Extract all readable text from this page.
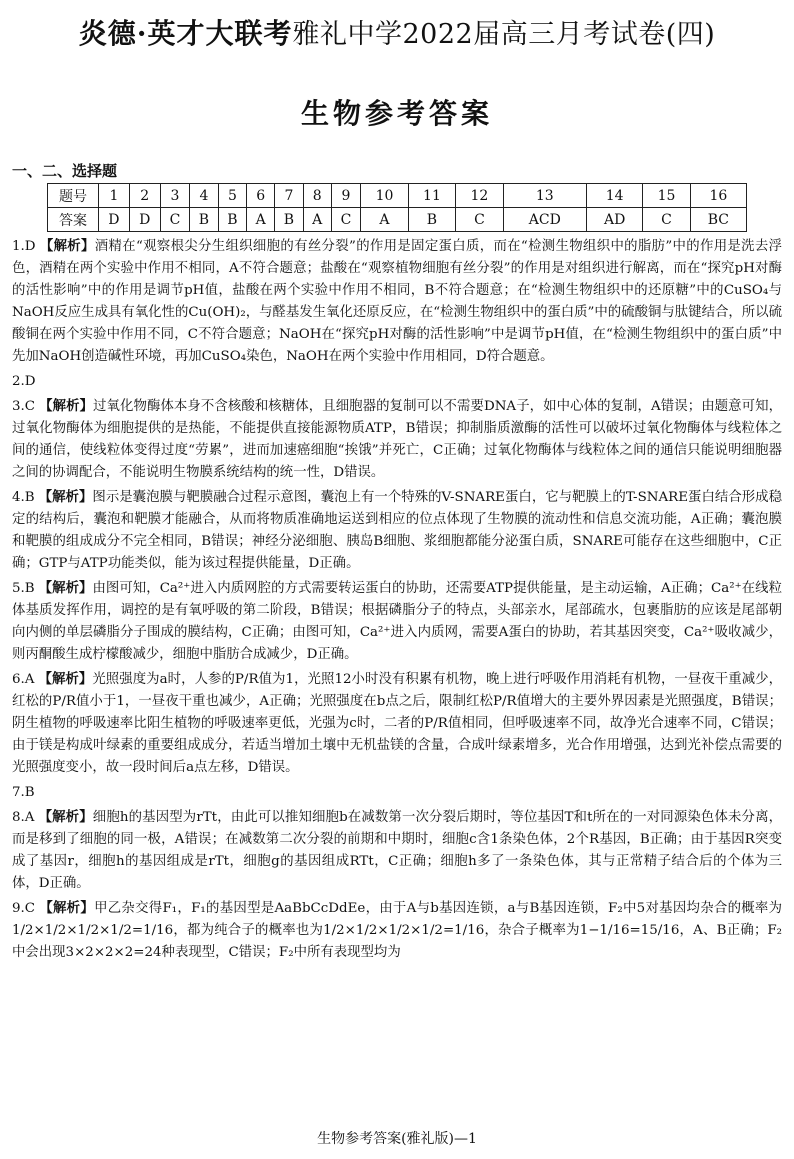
炎德·英才大联考雅礼中学2022届高三月考试卷(四)
生物参考答案
一、二、选择题
题号	1	2	3	4	5	6	7	8	9	10	11	12	13	14	15	16
答案	D	D	C	B	B	A	B	A	C	A	B	C	ACD	AD	C	BC
1.D 【解析】酒精在“观察根尖分生组织细胞的有丝分裂”的作用是固定蛋白质，而在“检测生物组织中的脂肪”中的作用是洗去浮色，酒精在两个实验中作用不相同，A不符合题意；盐酸在“观察植物细胞有丝分裂”的作用是对组织进行解离，而在“探究pH对酶的活性影响”中的作用是调节pH值，盐酸在两个实验中作用不相同，B不符合题意；在“检测生物组织中的还原糖”中的CuSO₄与NaOH反应生成具有氧化性的Cu(OH)₂，与醛基发生氧化还原反应，在“检测生物组织中的蛋白质”中的硫酸铜与肽键结合，所以硫酸铜在两个实验中作用不同，C不符合题意；NaOH在“探究pH对酶的活性影响”中是调节pH值，在“检测生物组织中的蛋白质”中先加NaOH创造碱性环境，再加CuSO₄染色，NaOH在两个实验中作用相同，D符合题意。
2.D
3.C 【解析】过氧化物酶体本身不含核酸和核糖体，且细胞器的复制可以不需要DNA子，如中心体的复制，A错误；由题意可知，过氧化物酶体为细胞提供的是热能，不能提供直接能源物质ATP，B错误；抑制脂质激酶的活性可以破坏过氧化物酶体与线粒体之间的通信，使线粒体变得过度“劳累”，进而加速癌细胞“挨饿”并死亡，C正确；过氧化物酶体与线粒体之间的通信只能说明细胞器之间的协调配合，不能说明生物膜系统结构的统一性，D错误。
4.B 【解析】图示是囊泡膜与靶膜融合过程示意图，囊泡上有一个特殊的V-SNARE蛋白，它与靶膜上的T-SNARE蛋白结合形成稳定的结构后，囊泡和靶膜才能融合，从而将物质准确地运送到相应的位点体现了生物膜的流动性和信息交流功能，A正确；囊泡膜和靶膜的组成成分不完全相同，B错误；神经分泌细胞、胰岛B细胞、浆细胞都能分泌蛋白质，SNARE可能存在这些细胞中，C正确；GTP与ATP功能类似，能为该过程提供能量，D正确。
5.B 【解析】由图可知，Ca²⁺进入内质网腔的方式需要转运蛋白的协助，还需要ATP提供能量，是主动运输，A正确；Ca²⁺在线粒体基质发挥作用，调控的是有氧呼吸的第二阶段，B错误；根据磷脂分子的特点，头部亲水，尾部疏水，包裹脂肪的应该是尾部朝向内侧的单层磷脂分子围成的膜结构，C正确；由图可知，Ca²⁺进入内质网，需要A蛋白的协助，若其基因突变，Ca²⁺吸收减少，则丙酮酸生成柠檬酸减少，细胞中脂肪合成减少，D正确。
6.A 【解析】光照强度为a时，人参的P/R值为1，光照12小时没有积累有机物，晚上进行呼吸作用消耗有机物，一昼夜干重减少，红松的P/R值小于1，一昼夜干重也减少，A正确；光照强度在b点之后，限制红松P/R值增大的主要外界因素是光照强度，B错误；阴生植物的呼吸速率比阳生植物的呼吸速率更低，光强为c时，二者的P/R值相同，但呼吸速率不同，故净光合速率不同，C错误；由于镁是构成叶绿素的重要组成成分，若适当增加土壤中无机盐镁的含量，合成叶绿素增多，光合作用增强，达到光补偿点需要的光照强度变小，故一段时间后a点左移，D错误。
7.B
8.A 【解析】细胞h的基因型为rTt，由此可以推知细胞b在减数第一次分裂后期时，等位基因T和t所在的一对同源染色体未分离，而是移到了细胞的同一极，A错误；在减数第二次分裂的前期和中期时，细胞c含1条染色体，2个R基因，B正确；由于基因R突变成了基因r，细胞h的基因组成是rTt，细胞g的基因组成RTt，C正确；细胞h多了一条染色体，其与正常精子结合后的个体为三体，D正确。
9.C 【解析】甲乙杂交得F₁，F₁的基因型是AaBbCcDdEe，由于A与b基因连锁，a与B基因连锁，F₂中5对基因均杂合的概率为1/2×1/2×1/2×1/2=1/16，都为纯合子的概率也为1/2×1/2×1/2×1/2=1/16，杂合子概率为1−1/16=15/16，A、B正确；F₂中会出现3×2×2×2=24种表现型，C错误；F₂中所有表现型均为
生物参考答案(雅礼版)—1
